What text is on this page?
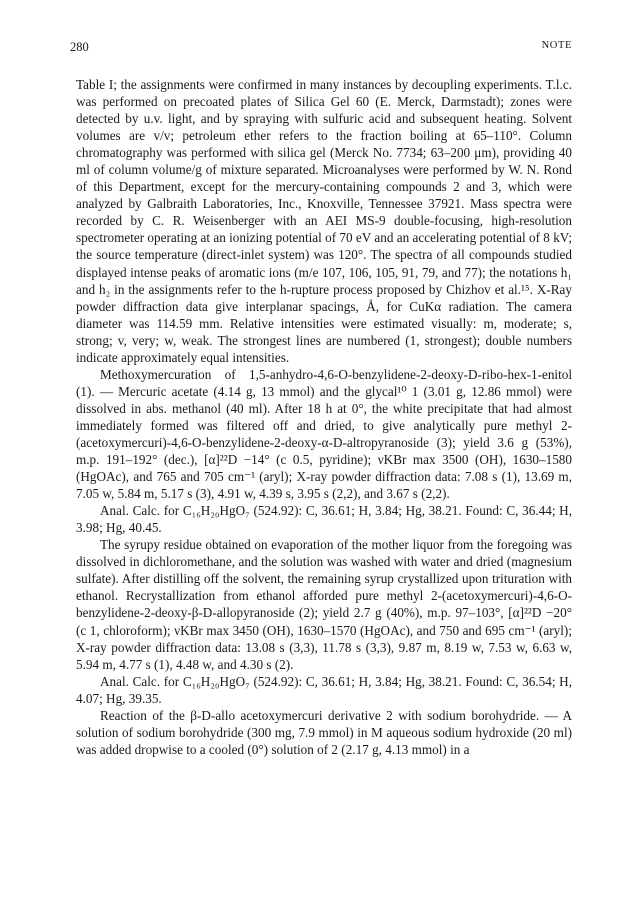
280	NOTE

Table I; the assignments were confirmed in many instances by decoupling experiments. T.l.c. was performed on precoated plates of Silica Gel 60 (E. Merck, Darmstadt); zones were detected by u.v. light, and by spraying with sulfuric acid and subsequent heating. Solvent volumes are v/v; petroleum ether refers to the fraction boiling at 65–110°. Column chromatography was performed with silica gel (Merck No. 7734; 63–200 μm), providing 40 ml of column volume/g of mixture separated. Microanalyses were performed by W. N. Rond of this Department, except for the mercury-containing compounds 2 and 3, which were analyzed by Galbraith Laboratories, Inc., Knoxville, Tennessee 37921. Mass spectra were recorded by C. R. Weisenberger with an AEI MS-9 double-focusing, high-resolution spectrometer operating at an ionizing potential of 70 eV and an accelerating potential of 8 kV; the source temperature (direct-inlet system) was 120°. The spectra of all compounds studied displayed intense peaks of aromatic ions (m/e 107, 106, 105, 91, 79, and 77); the notations h₁ and h₂ in the assignments refer to the h-rupture process proposed by Chizhov et al.¹⁵. X-Ray powder diffraction data give interplanar spacings, Å, for CuKα radiation. The camera diameter was 114.59 mm. Relative intensities were estimated visually: m, moderate; s, strong; v, very; w, weak. The strongest lines are numbered (1, strongest); double numbers indicate approximately equal intensities.

Methoxymercuration of 1,5-anhydro-4,6-O-benzylidene-2-deoxy-D-ribo-hex-1-enitol (1). — Mercuric acetate (4.14 g, 13 mmol) and the glycal¹⁰ 1 (3.01 g, 12.86 mmol) were dissolved in abs. methanol (40 ml). After 18 h at 0°, the white precipitate that had almost immediately formed was filtered off and dried, to give analytically pure methyl 2-(acetoxymercuri)-4,6-O-benzylidene-2-deoxy-α-D-altropyranoside (3); yield 3.6 g (53%), m.p. 191–192° (dec.), [α]²²D −14° (c 0.5, pyridine); νKBr max 3500 (OH), 1630–1580 (HgOAc), and 765 and 705 cm⁻¹ (aryl); X-ray powder diffraction data: 7.08 s (1), 13.69 m, 7.05 w, 5.84 m, 5.17 s (3), 4.91 w, 4.39 s, 3.95 s (2,2), and 3.67 s (2,2).

Anal. Calc. for C₁₆H₂₀HgO₇ (524.92): C, 36.61; H, 3.84; Hg, 38.21. Found: C, 36.44; H, 3.98; Hg, 40.45.

The syrupy residue obtained on evaporation of the mother liquor from the foregoing was dissolved in dichloromethane, and the solution was washed with water and dried (magnesium sulfate). After distilling off the solvent, the remaining syrup crystallized upon trituration with ethanol. Recrystallization from ethanol afforded pure methyl 2-(acetoxymercuri)-4,6-O-benzylidene-2-deoxy-β-D-allopyranoside (2); yield 2.7 g (40%), m.p. 97–103°, [α]²²D −20° (c 1, chloroform); νKBr max 3450 (OH), 1630–1570 (HgOAc), and 750 and 695 cm⁻¹ (aryl); X-ray powder diffraction data: 13.08 s (3,3), 11.78 s (3,3), 9.87 m, 8.19 w, 7.53 w, 6.63 w, 5.94 m, 4.77 s (1), 4.48 w, and 4.30 s (2).

Anal. Calc. for C₁₆H₂₀HgO₇ (524.92): C, 36.61; H, 3.84; Hg, 38.21. Found: C, 36.54; H, 4.07; Hg, 39.35.

Reaction of the β-D-allo acetoxymercuri derivative 2 with sodium borohydride. — A solution of sodium borohydride (300 mg, 7.9 mmol) in M aqueous sodium hydroxide (20 ml) was added dropwise to a cooled (0°) solution of 2 (2.17 g, 4.13 mmol) in a
